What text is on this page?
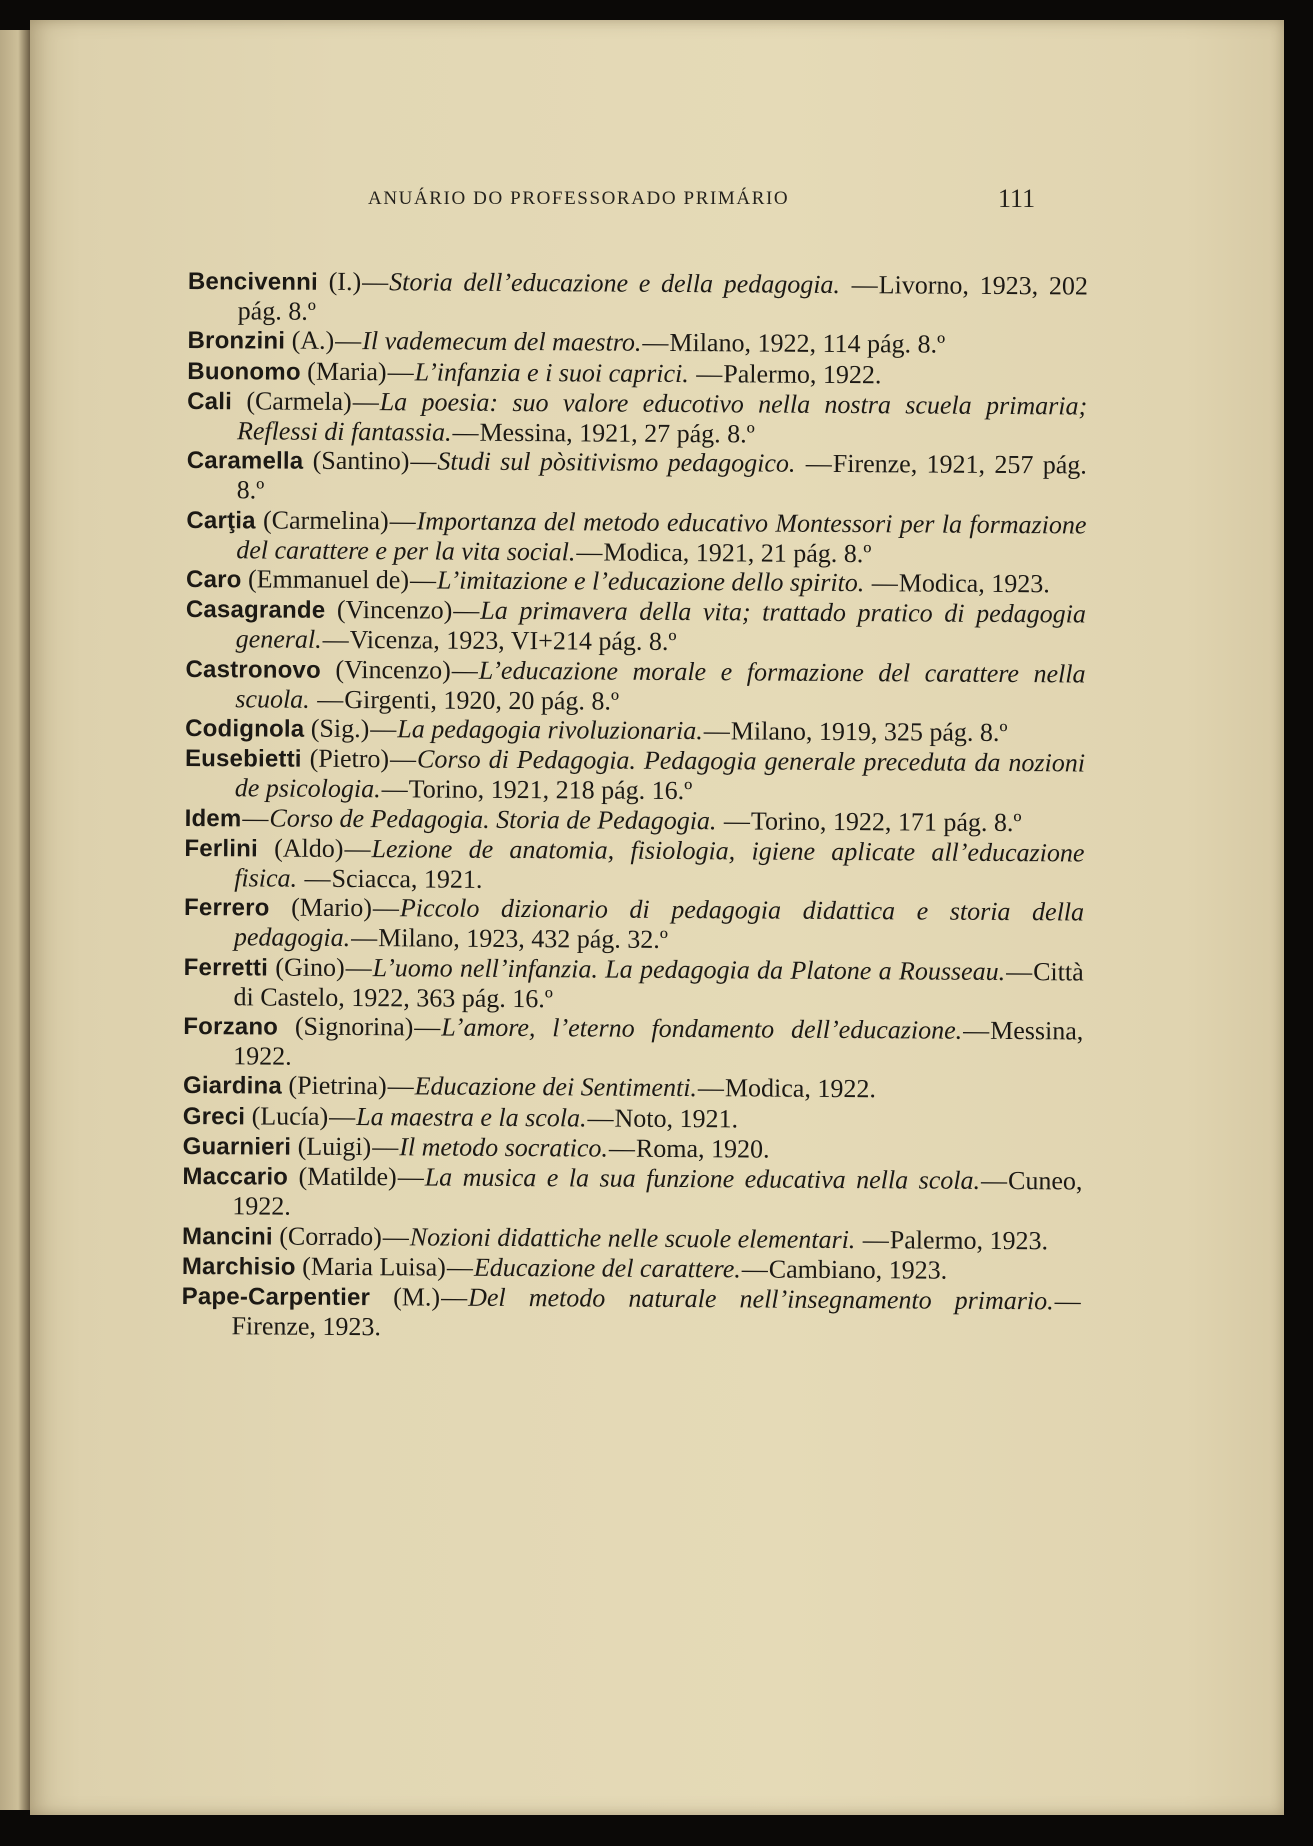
ANUÁRIO DO PROFESSORADO PRIMÁRIO	111

Bencivenni (I.)—Storia dell’educazione e della pedagogia. —Livorno, 1923, 202 pág. 8.º

Bronzini (A.)—Il vademecum del maestro.—Milano, 1922, 114 pág. 8.º

Buonomo (Maria)—L’infanzia e i suoi caprici. —Palermo, 1922.

Cali (Carmela)—La poesia: suo valore educotivo nella nostra scuela primaria; Reflessi di fantassia.—Messina, 1921, 27 pág. 8.º

Caramella (Santino)—Studi sul pòsitivismo pedagogico. —Firenze, 1921, 257 pág. 8.º

Carţia (Carmelina)—Importanza del metodo educativo Montessori per la formazione del carattere e per la vita social.—Modica, 1921, 21 pág. 8.º

Caro (Emmanuel de)—L’imitazione e l’educazione dello spirito. —Modica, 1923.

Casagrande (Vincenzo)—La primavera della vita; trattado pratico di pedagogia general.—Vicenza, 1923, VI+214 pág. 8.º

Castronovo (Vincenzo)—L’educazione morale e formazione del carattere nella scuola. —Girgenti, 1920, 20 pág. 8.º

Codignola (Sig.)—La pedagogia rivoluzionaria.—Milano, 1919, 325 pág. 8.º

Eusebietti (Pietro)—Corso di Pedagogia. Pedagogia generale preceduta da nozioni de psicologia.—Torino, 1921, 218 pág. 16.º

Idem—Corso de Pedagogia. Storia de Pedagogia. —Torino, 1922, 171 pág. 8.º

Ferlini (Aldo)—Lezione de anatomia, fisiologia, igiene aplicate all’educazione fisica. —Sciacca, 1921.

Ferrero (Mario)—Piccolo dizionario di pedagogia didattica e storia della pedagogia.—Milano, 1923, 432 pág. 32.º

Ferretti (Gino)—L’uomo nell’infanzia. La pedagogia da Platone a Rousseau.—Città di Castelo, 1922, 363 pág. 16.º

Forzano (Signorina)—L’amore, l’eterno fondamento dell’educazione.—Messina, 1922.

Giardina (Pietrina)—Educazione dei Sentimenti.—Modica, 1922.

Greci (Lucía)—La maestra e la scola.—Noto, 1921.

Guarnieri (Luigi)—Il metodo socratico.—Roma, 1920.

Maccario (Matilde)—La musica e la sua funzione educativa nella scola.—Cuneo, 1922.

Mancini (Corrado)—Nozioni didattiche nelle scuole elementari. —Palermo, 1923.

Marchisio (Maria Luisa)—Educazione del carattere.—Cambiano, 1923.

Pape-Carpentier (M.)—Del metodo naturale nell’insegnamento primario.—Firenze, 1923.
